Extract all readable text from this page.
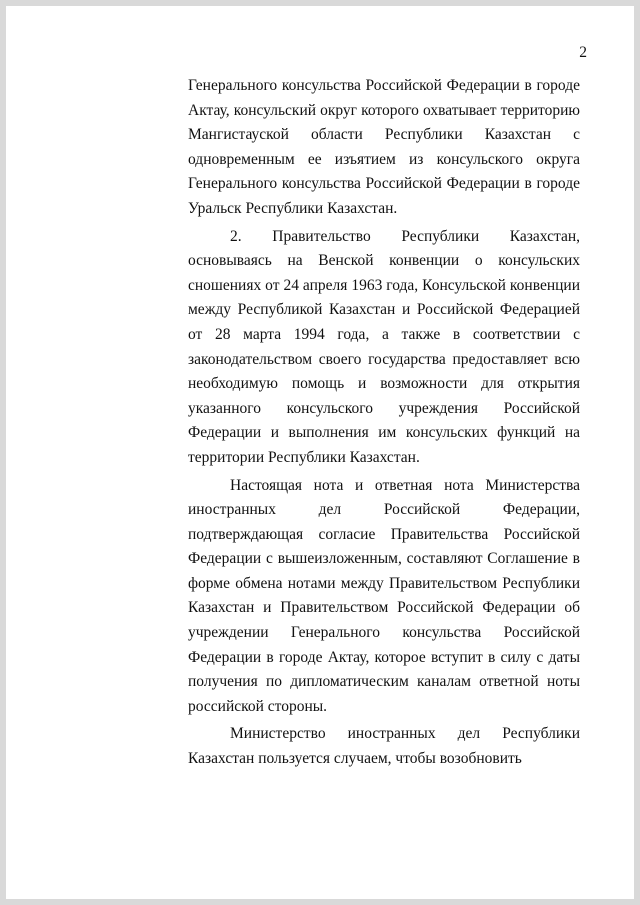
2

Генерального консульства Российской Федерации в городе Актау, консульский округ которого охватывает территорию Мангистауской области Республики Казахстан с одновременным ее изъятием из консульского округа Генерального консульства Российской Федерации в городе Уральск Республики Казахстан.

2. Правительство Республики Казахстан, основываясь на Венской конвенции о консульских сношениях от 24 апреля 1963 года, Консульской конвенции между Республикой Казахстан и Российской Федерацией от 28 марта 1994 года, а также в соответствии с законодательством своего государства предоставляет всю необходимую помощь и возможности для открытия указанного консульского учреждения Российской Федерации и выполнения им консульских функций на территории Республики Казахстан.

Настоящая нота и ответная нота Министерства иностранных дел Российской Федерации, подтверждающая согласие Правительства Российской Федерации с вышеизложенным, составляют Соглашение в форме обмена нотами между Правительством Республики Казахстан и Правительством Российской Федерации об учреждении Генерального консульства Российской Федерации в городе Актау, которое вступит в силу с даты получения по дипломатическим каналам ответной ноты российской стороны.

Министерство иностранных дел Республики Казахстан пользуется случаем, чтобы возобновить
